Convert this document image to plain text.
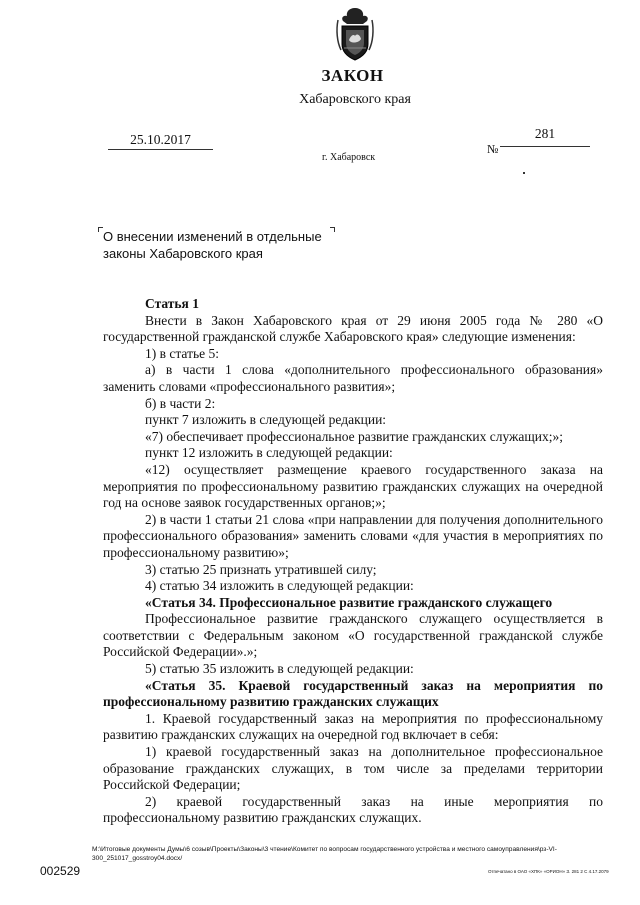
ЗАКОН
Хабаровского края
25.10.2017
№
281
г. Хабаровск
О внесении изменений в отдельные законы Хабаровского края

Статья 1

Внести в Закон Хабаровского края от 29 июня 2005 года № 280 «О государственной гражданской службе Хабаровского края» следующие изменения:

1) в статье 5:

а) в части 1 слова «дополнительного профессионального образования» заменить словами «профессионального развития»;

б) в части 2:

пункт 7 изложить в следующей редакции:

«7) обеспечивает профессиональное развитие гражданских служащих;»;

пункт 12 изложить в следующей редакции:

«12) осуществляет размещение краевого государственного заказа на мероприятия по профессиональному развитию гражданских служащих на очередной год на основе заявок государственных органов;»;

2) в части 1 статьи 21 слова «при направлении для получения дополнительного профессионального образования» заменить словами «для участия в мероприятиях по профессиональному развитию»;

3) статью 25 признать утратившей силу;

4) статью 34 изложить в следующей редакции:

«Статья 34. Профессиональное развитие гражданского служащего

Профессиональное развитие гражданского служащего осуществляется в соответствии с Федеральным законом «О государственной гражданской службе Российской Федерации».»;

5) статью 35 изложить в следующей редакции:

«Статья 35. Краевой государственный заказ на мероприятия по профессиональному развитию гражданских служащих

1. Краевой государственный заказ на мероприятия по профессиональному развитию гражданских служащих на очередной год включает в себя:

1) краевой государственный заказ на дополнительное профессиональное образование гражданских служащих, в том числе за пределами территории Российской Федерации;

2) краевой государственный заказ на иные мероприятия по профессиональному развитию гражданских служащих.

М:\Итоговые документы Думы\6 созыв\Проекты\Законы\3 чтение\Комитет по вопросам государственного устройства и местного самоуправления\рз-VI-300_251017_gosstroy04.docx/
002529	Отпечатано в ОАО «ХПК» «ОРИОН» З. 281 2 С 4.17.2079
